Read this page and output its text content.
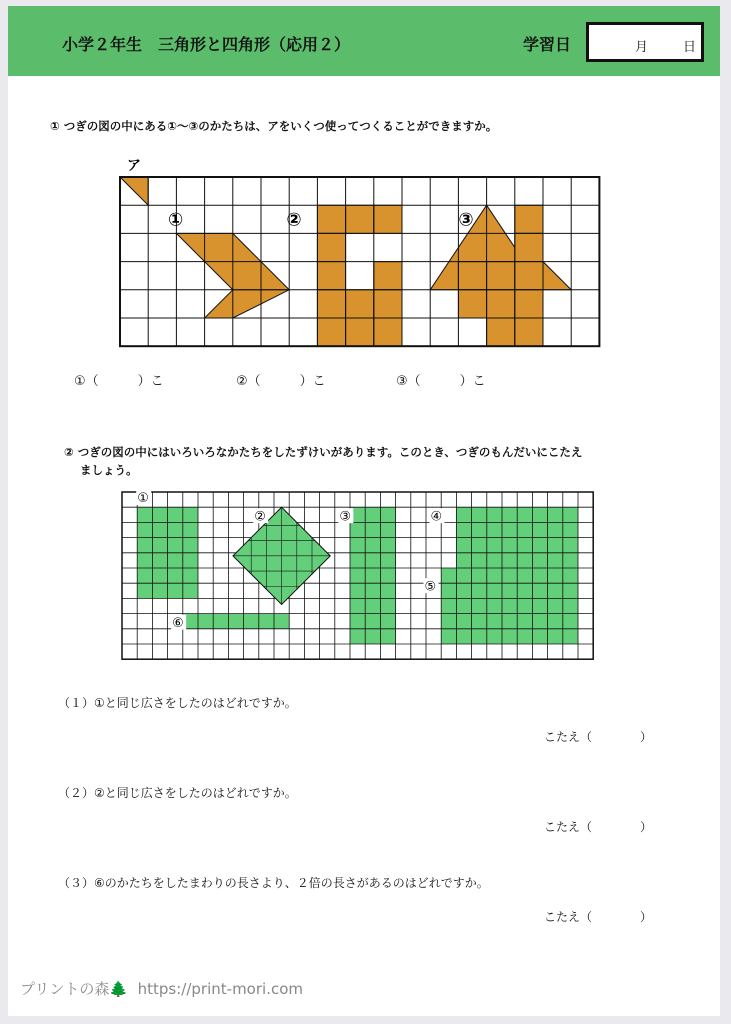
小学２年生　三角形と四角形（応用２）	学習日	月	日
① つぎの図の中にある①～③のかたちは、アをいくつ使ってつくることができますか。
ア
①	②	③
①（　　　）こ	②（　　　）こ	③（　　　）こ
② つぎの図の中にはいろいろなかたちをしたずけいがあります。このとき、つぎのもんだいにこたえ
ましょう。
①
②	③	④
⑤
⑥
（１）①と同じ広さをしたのはどれですか。
こたえ（　　　　）
（２）②と同じ広さをしたのはどれですか。
こたえ（　　　　）
（３）⑥のかたちをしたまわりの長さより、２倍の長さがあるのはどれですか。
こたえ（　　　　）
プリントの森🌲 https://print-mori.com
